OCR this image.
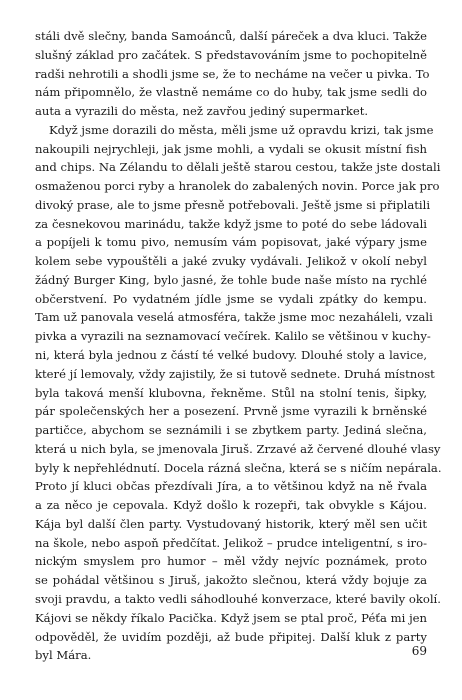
stáli dvě slečny, banda Samoánců, další páreček a dva kluci. Takže
slušný základ pro začátek. S představováním jsme to pochopitelně
radši nehrotili a shodli jsme se, že to necháme na večer u pivka. To
nám připomnělo, že vlastně nemáme co do huby, tak jsme sedli do
auta a vyrazili do města, než zavřou jediný supermarket.
Když jsme dorazili do města, měli jsme už opravdu krizi, tak jsme
nakoupili nejrychleji, jak jsme mohli, a vydali se okusit místní fish
and chips. Na Zélandu to dělali ještě starou cestou, takže jste dostali
osmaženou porci ryby a hranolek do zabalených novin. Porce jak pro
divoký prase, ale to jsme přesně potřebovali. Ještě jsme si připlatili
za česnekovou marinádu, takže když jsme to poté do sebe ládovali
a popíjeli k tomu pivo, nemusím vám popisovat, jaké výpary jsme
kolem sebe vypouštěli a jaké zvuky vydávali. Jelikož v okolí nebyl
žádný Burger King, bylo jasné, že tohle bude naše místo na rychlé
občerstvení. Po vydatném jídle jsme se vydali zpátky do kempu.
Tam už panovala veselá atmosféra, takže jsme moc nezaháleli, vzali
pivka a vyrazili na seznamovací večírek. Kalilo se většinou v kuchy-
ni, která byla jednou z částí té velké budovy. Dlouhé stoly a lavice,
které jí lemovaly, vždy zajistily, že si tutově sednete. Druhá místnost
byla taková menší klubovna, řekněme. Stůl na stolní tenis, šipky,
pár společenských her a posezení. Prvně jsme vyrazili k brněnské
partičce, abychom se seznámili i se zbytkem party. Jediná slečna,
která u nich byla, se jmenovala Jiruš. Zrzavé až červené dlouhé vlasy
byly k nepřehlédnutí. Docela rázná slečna, která se s ničím nepárala.
Proto jí kluci občas přezdívali Jíra, a to většinou když na ně řvala
a za něco je cepovala. Když došlo k rozepři, tak obvykle s Kájou.
Kája byl další člen party. Vystudovaný historik, který měl sen učit
na škole, nebo aspoň předčítat. Jelikož – prudce inteligentní, s iro-
nickým smyslem pro humor – měl vždy nejvíc poznámek, proto
se pohádal většinou s Jiruš, jakožto slečnou, která vždy bojuje za
svoji pravdu, a takto vedli sáhodlouhé konverzace, které bavily okolí.
Kájovi se někdy říkalo Pacička. Když jsem se ptal proč, Péťa mi jen
odpověděl, že uvidím později, až bude připitej. Další kluk z party
byl Mára.	69
